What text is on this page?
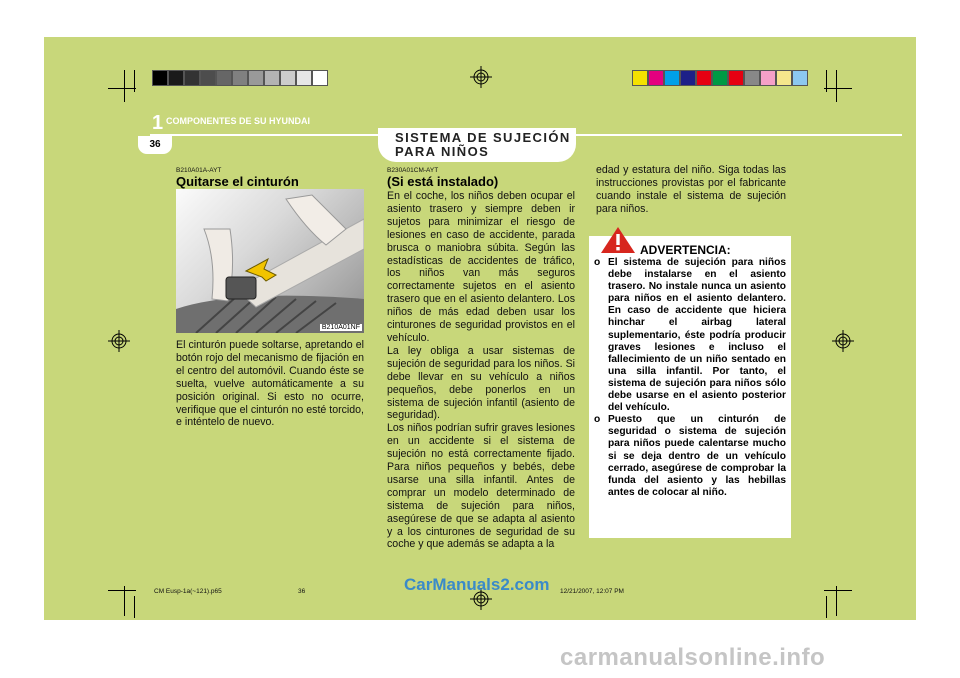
1 COMPONENTES DE SU HYUNDAI
36	SISTEMA DE SUJECIÓN PARA NIÑOS
B210A01A-AYT
Quitarse el cinturón
B210A01NF
El cinturón puede soltarse, apretando el botón rojo del mecanismo de fijación en el centro del automóvil. Cuando éste se suelta, vuelve automáticamente a su posición original. Si esto no ocurre, verifique que el cinturón no esté torcido, e inténtelo de nuevo.
B230A01CM-AYT
(Si está instalado)
En el coche, los niños deben ocupar el asiento trasero y siempre deben ir sujetos para minimizar el riesgo de lesiones en caso de accidente, parada brusca o maniobra súbita. Según las estadísticas de accidentes de tráfico, los niños van más seguros correctamente sujetos en el asiento trasero que en el asiento delantero. Los niños de más edad deben usar los cinturones de seguridad provistos en el vehículo.
La ley obliga a usar sistemas de sujeción de seguridad para los niños. Si debe llevar en su vehículo a niños pequeños, debe ponerlos en un sistema de sujeción infantil (asiento de seguridad).
Los niños podrían sufrir graves lesiones en un accidente si el sistema de sujeción no está correctamente fijado. Para niños pequeños y bebés, debe usarse una silla infantil. Antes de comprar un modelo determinado de sistema de sujeción para niños, asegúrese de que se adapta al asiento y a los cinturones de seguridad de su coche y que además se adapta a la
edad y estatura del niño. Siga todas las instrucciones provistas por el fabricante cuando instale el sistema de sujeción para niños.
ADVERTENCIA:
o El sistema de sujeción para niños debe instalarse en el asiento trasero. No instale nunca un asiento para niños en el asiento delantero. En caso de accidente que hiciera hinchar el airbag lateral suplementario, éste podría producir graves lesiones e incluso el fallecimiento de un niño sentado en una silla infantil. Por tanto, el sistema de sujeción para niños sólo debe usarse en el asiento posterior del vehículo.
o Puesto que un cinturón de seguridad o sistema de sujeción para niños puede calentarse mucho si se deja dentro de un vehículo cerrado, asegúrese de comprobar la funda del asiento y las hebillas antes de colocar al niño.
CM Eusp-1a(~121).p65	36	12/21/2007, 12:07 PM
CarManuals2.com
carmanualsonline.info
